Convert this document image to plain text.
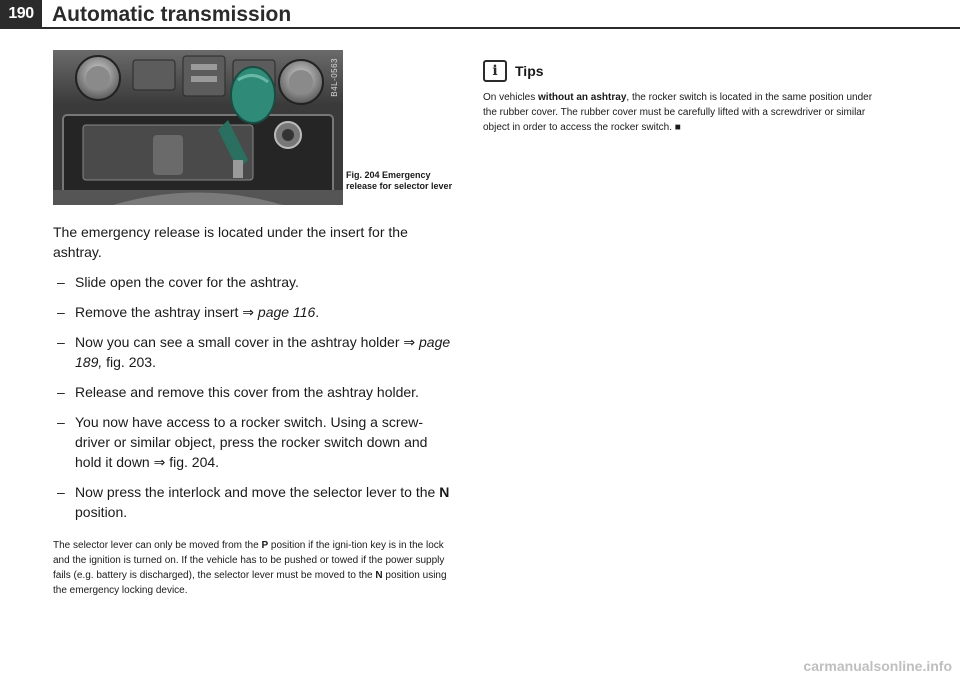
190 Automatic transmission
B4L-0563
Fig. 204 Emergency release for selector lever

The emergency release is located under the insert for the ashtray.

– Slide open the cover for the ashtray.
– Remove the ashtray insert ⇒ page 116.
– Now you can see a small cover in the ashtray holder ⇒ page 189, fig. 203.
– Release and remove this cover from the ashtray holder.
– You now have access to a rocker switch. Using a screw-driver or similar object, press the rocker switch down and hold it down ⇒ fig. 204.
– Now press the interlock and move the selector lever to the N position.
The selector lever can only be moved from the P position if the igni-tion key is in the lock and the ignition is turned on. If the vehicle has to be pushed or towed if the power supply fails (e.g. battery is discharged), the selector lever must be moved to the N position using the emergency locking device.
i	Tips
On vehicles without an ashtray, the rocker switch is located in the same position under the rubber cover. The rubber cover must be carefully lifted with a screwdriver or similar object in order to access the rocker switch. ■
carmanualsonline.info
